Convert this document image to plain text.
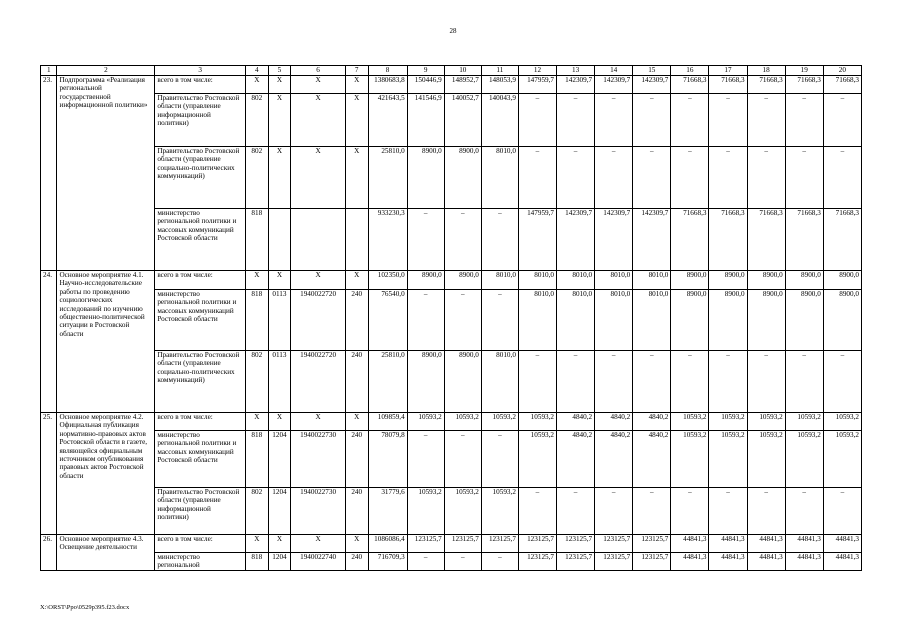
28
1	2	3	4	5	6	7	8	9	10	11	12	13	14	15	16	17	18	19	20
23.	Подпрограмма «Реализация региональной государственной информационной политики»	всего в том числе:	X	X	X	X	1380683,8	150446,9	148952,7	148053,9	147959,7	142309,7	142309,7	142309,7	71668,3	71668,3	71668,3	71668,3	71668,3
		Правительство Ростовской области (управление информационной политики)	802	X	X	X	421643,5	141546,9	140052,7	140043,9	–	–	–	–	–	–	–	–	–
		Правительство Ростовской области (управление социально-политических коммуникаций)	802	X	X	X	25810,0	8900,0	8900,0	8010,0	–	–	–	–	–	–	–	–	–
		министерство региональной политики и массовых коммуникаций Ростовской области	818				933230,3	–	–	–	147959,7	142309,7	142309,7	142309,7	71668,3	71668,3	71668,3	71668,3	71668,3
24.	Основное мероприятие 4.1. Научно-исследовательские работы по проведению социологических исследований по изучению общественно-политической ситуации в Ростовской области	всего в том числе:	X	X	X	X	102350,0	8900,0	8900,0	8010,0	8010,0	8010,0	8010,0	8010,0	8900,0	8900,0	8900,0	8900,0	8900,0
		министерство региональной политики и массовых коммуникаций Ростовской области	818	0113	1940022720	240	76540,0	–	–	–	8010,0	8010,0	8010,0	8010,0	8900,0	8900,0	8900,0	8900,0	8900,0
		Правительство Ростовской области (управление социально-политических коммуникаций)	802	0113	1940022720	240	25810,0	8900,0	8900,0	8010,0	–	–	–	–	–	–	–	–	–
25.	Основное мероприятие 4.2. Официальная публикация нормативно-правовых актов Ростовской области в газете, являющейся официальным источником опубликования правовых актов Ростовской области	всего в том числе:	X	X	X	X	109859,4	10593,2	10593,2	10593,2	10593,2	4840,2	4840,2	4840,2	10593,2	10593,2	10593,2	10593,2	10593,2
		министерство региональной политики и массовых коммуникаций Ростовской области	818	1204	1940022730	240	78079,8	–	–	–	10593,2	4840,2	4840,2	4840,2	10593,2	10593,2	10593,2	10593,2	10593,2
		Правительство Ростовской области (управление информационной политики)	802	1204	1940022730	240	31779,6	10593,2	10593,2	10593,2	–	–	–	–	–	–	–	–	–
26.	Основное мероприятие 4.3. Освещение деятельности	всего в том числе:	X	X	X	X	1086086,4	123125,7	123125,7	123125,7	123125,7	123125,7	123125,7	123125,7	44841,3	44841,3	44841,3	44841,3	44841,3
		министерство региональной	818	1204	1940022740	240	716709,3	–	–	–	123125,7	123125,7	123125,7	123125,7	44841,3	44841,3	44841,3	44841,3	44841,3
X:\ORST\Ppo\0529p395.f23.docx
